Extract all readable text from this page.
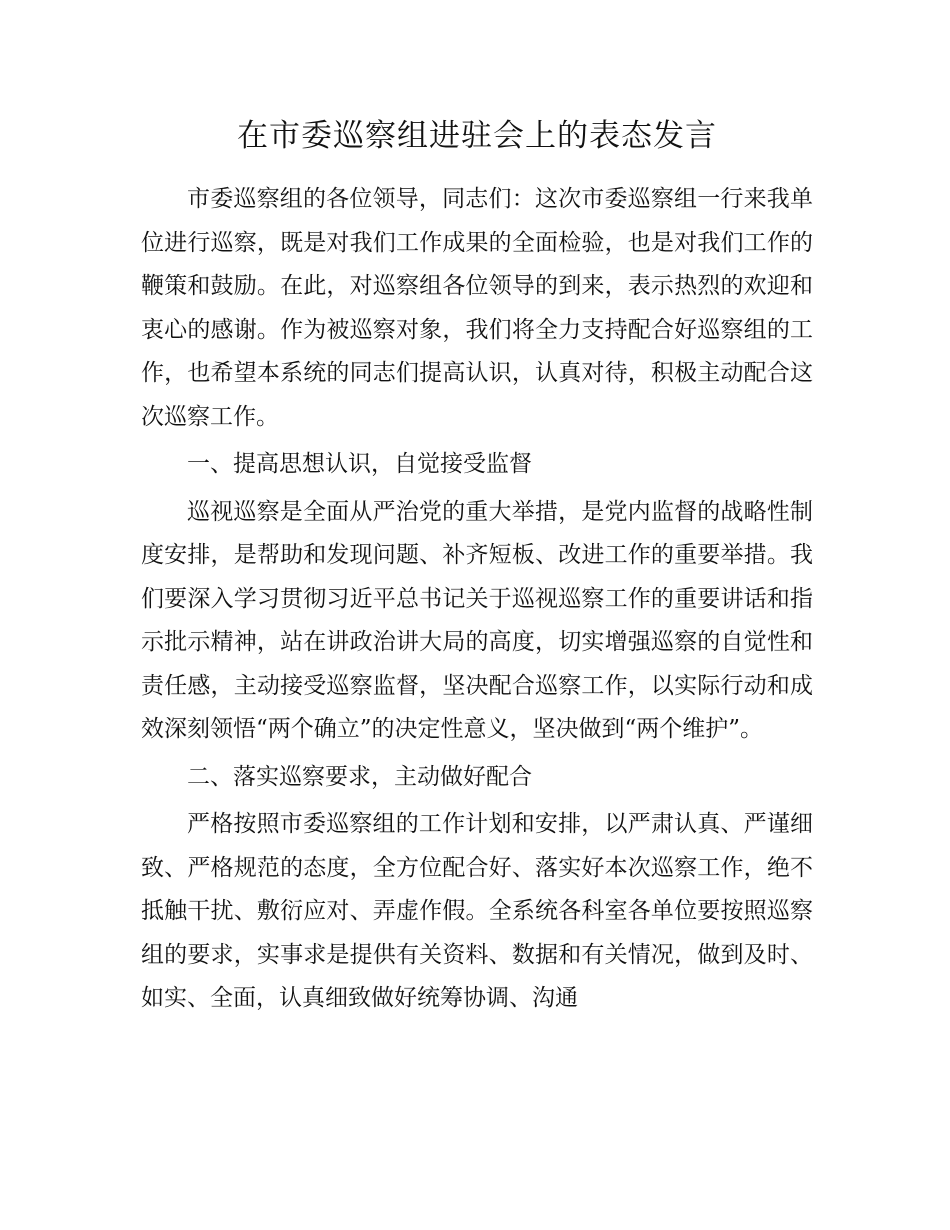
在市委巡察组进驻会上的表态发言

市委巡察组的各位领导，同志们：这次市委巡察组一行来我单位进行巡察，既是对我们工作成果的全面检验，也是对我们工作的鞭策和鼓励。在此，对巡察组各位领导的到来，表示热烈的欢迎和衷心的感谢。作为被巡察对象，我们将全力支持配合好巡察组的工作，也希望本系统的同志们提高认识，认真对待，积极主动配合这次巡察工作。

一、提高思想认识，自觉接受监督

巡视巡察是全面从严治党的重大举措，是党内监督的战略性制度安排，是帮助和发现问题、补齐短板、改进工作的重要举措。我们要深入学习贯彻习近平总书记关于巡视巡察工作的重要讲话和指示批示精神，站在讲政治讲大局的高度，切实增强巡察的自觉性和责任感，主动接受巡察监督，坚决配合巡察工作，以实际行动和成效深刻领悟“两个确立”的决定性意义，坚决做到“两个维护”。

二、落实巡察要求，主动做好配合

严格按照市委巡察组的工作计划和安排，以严肃认真、严谨细致、严格规范的态度，全方位配合好、落实好本次巡察工作，绝不抵触干扰、敷衍应对、弄虚作假。全系统各科室各单位要按照巡察组的要求，实事求是提供有关资料、数据和有关情况，做到及时、如实、全面，认真细致做好统筹协调、沟通
